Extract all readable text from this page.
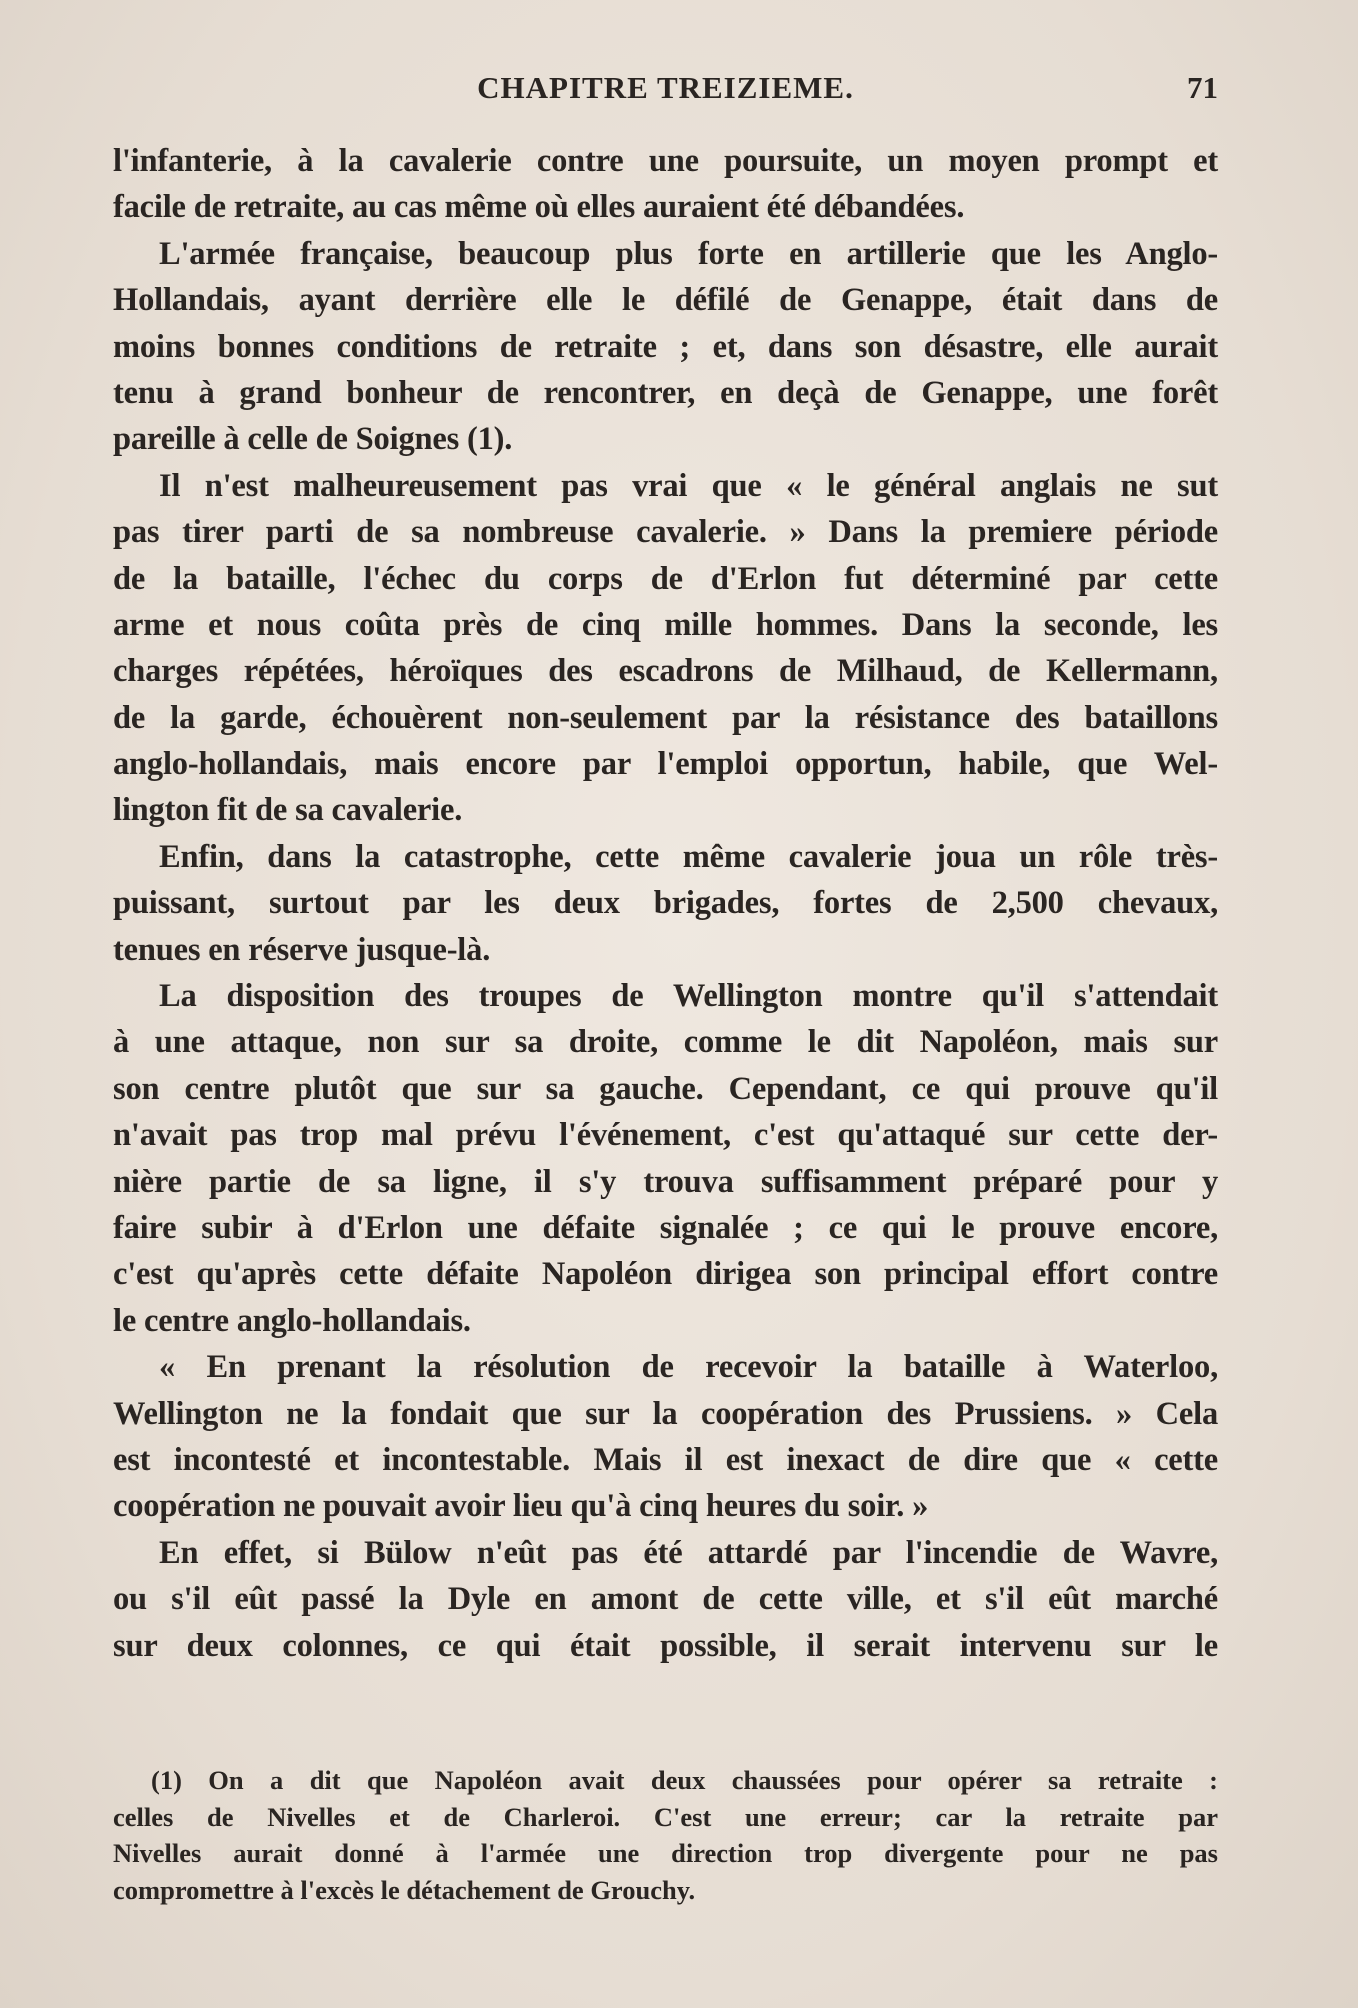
CHAPITRE TREIZIEME.	71
l'infanterie, à la cavalerie contre une poursuite, un moyen prompt et
facile de retraite, au cas même où elles auraient été débandées.
L'armée française, beaucoup plus forte en artillerie que les Anglo-
Hollandais, ayant derrière elle le défilé de Genappe, était dans de
moins bonnes conditions de retraite ; et, dans son désastre, elle aurait
tenu à grand bonheur de rencontrer, en deçà de Genappe, une forêt
pareille à celle de Soignes (1).
Il n'est malheureusement pas vrai que « le général anglais ne sut
pas tirer parti de sa nombreuse cavalerie. » Dans la premiere période
de la bataille, l'échec du corps de d'Erlon fut déterminé par cette
arme et nous coûta près de cinq mille hommes. Dans la seconde, les
charges répétées, héroïques des escadrons de Milhaud, de Kellermann,
de la garde, échouèrent non-seulement par la résistance des bataillons
anglo-hollandais, mais encore par l'emploi opportun, habile, que Wel-
lington fit de sa cavalerie.
Enfin, dans la catastrophe, cette même cavalerie joua un rôle très-
puissant, surtout par les deux brigades, fortes de 2,500 chevaux,
tenues en réserve jusque-là.
La disposition des troupes de Wellington montre qu'il s'attendait
à une attaque, non sur sa droite, comme le dit Napoléon, mais sur
son centre plutôt que sur sa gauche. Cependant, ce qui prouve qu'il
n'avait pas trop mal prévu l'événement, c'est qu'attaqué sur cette der-
nière partie de sa ligne, il s'y trouva suffisamment préparé pour y
faire subir à d'Erlon une défaite signalée ; ce qui le prouve encore,
c'est qu'après cette défaite Napoléon dirigea son principal effort contre
le centre anglo-hollandais.
« En prenant la résolution de recevoir la bataille à Waterloo,
Wellington ne la fondait que sur la coopération des Prussiens. » Cela
est incontesté et incontestable. Mais il est inexact de dire que « cette
coopération ne pouvait avoir lieu qu'à cinq heures du soir. »
En effet, si Bülow n'eût pas été attardé par l'incendie de Wavre,
ou s'il eût passé la Dyle en amont de cette ville, et s'il eût marché
sur deux colonnes, ce qui était possible, il serait intervenu sur le
(1) On a dit que Napoléon avait deux chaussées pour opérer sa retraite :
celles de Nivelles et de Charleroi. C'est une erreur; car la retraite par
Nivelles aurait donné à l'armée une direction trop divergente pour ne pas
compromettre à l'excès le détachement de Grouchy.
